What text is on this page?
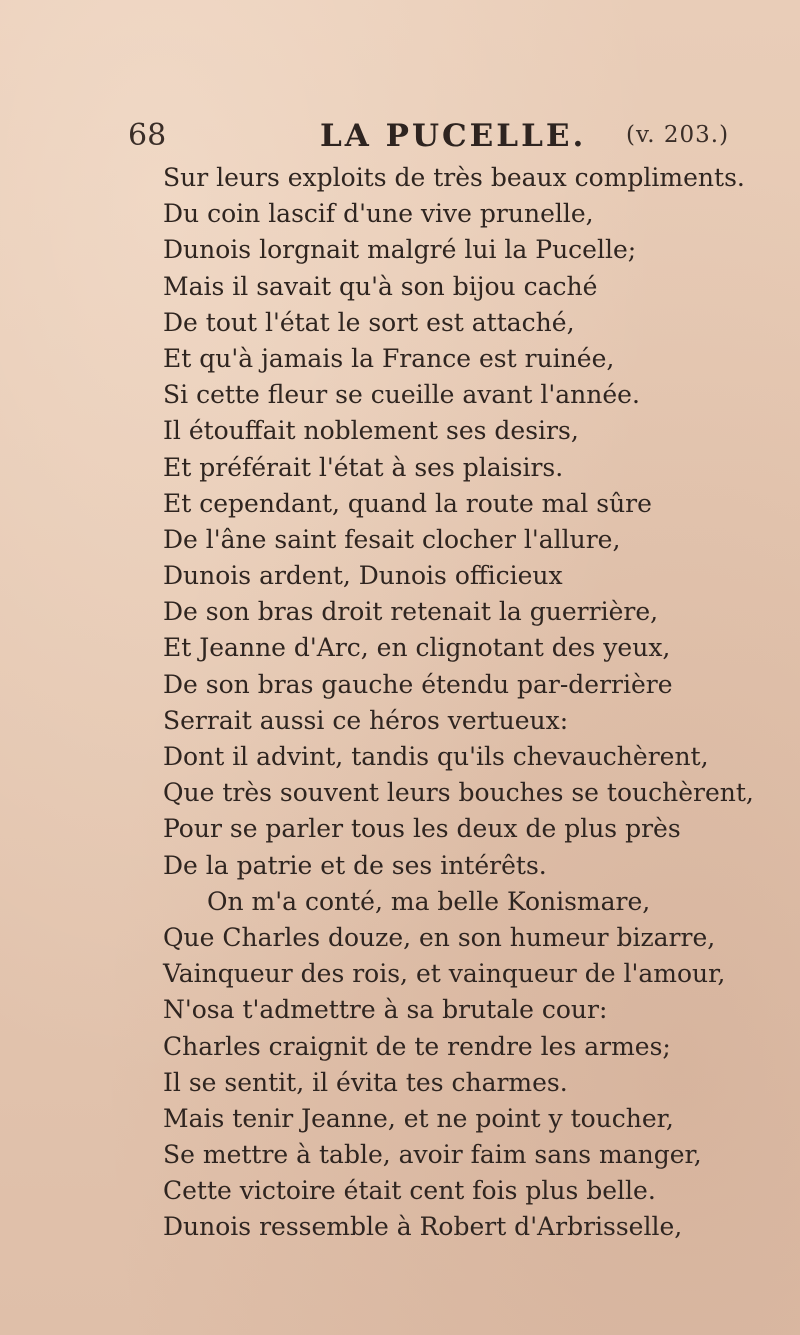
68	LA PUCELLE. (v. 203.)
Sur leurs exploits de très beaux compliments.
Du coin lascif d'une vive prunelle,
Dunois lorgnait malgré lui la Pucelle;
Mais il savait qu'à son bijou caché
De tout l'état le sort est attaché,
Et qu'à jamais la France est ruinée,
Si cette fleur se cueille avant l'année.
Il étouffait noblement ses desirs,
Et préférait l'état à ses plaisirs.
Et cependant, quand la route mal sûre
De l'âne saint fesait clocher l'allure,
Dunois ardent, Dunois officieux
De son bras droit retenait la guerrière,
Et Jeanne d'Arc, en clignotant des yeux,
De son bras gauche étendu par-derrière
Serrait aussi ce héros vertueux:
Dont il advint, tandis qu'ils chevauchèrent,
Que très souvent leurs bouches se touchèrent,
Pour se parler tous les deux de plus près
De la patrie et de ses intérêts.
On m'a conté, ma belle Konismare,
Que Charles douze, en son humeur bizarre,
Vainqueur des rois, et vainqueur de l'amour,
N'osa t'admettre à sa brutale cour:
Charles craignit de te rendre les armes;
Il se sentit, il évita tes charmes.
Mais tenir Jeanne, et ne point y toucher,
Se mettre à table, avoir faim sans manger,
Cette victoire était cent fois plus belle.
Dunois ressemble à Robert d'Arbrisselle,
